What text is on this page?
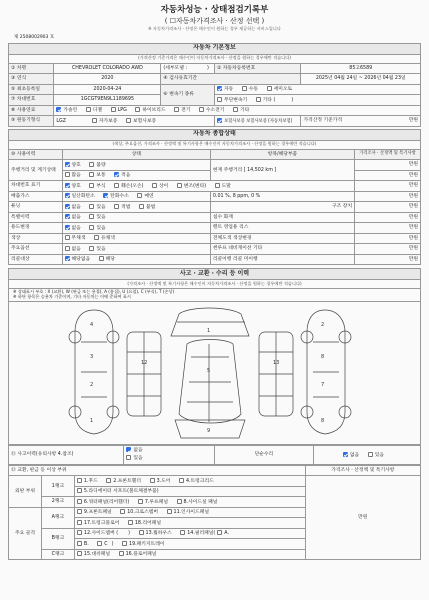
자동차성능 · 상태점검기록부
( ☐자동차가격조사 · 산정 선택 )
※ 자동차가격조사 · 산정은 매수인이 원하는 경우 제공하는 서비스입니다
제 2508002903 호
자동차 기본정보				
(가격산정 기준가격은 매수인이 자동차가격조사 · 산정을 원하는 경우에만 적습니다)				
① 차명	CHEVROLET COLORADO AWD	(세부모델 : )	② 자동차등록번호	85고6589
③ 연식	2020	④ 검사유효기간		2025년 04월 24일 ~ 2026년 04월 23일
⑤ 최초등록일	2020-04-24	⑥ 변속기 종류	자동 수동 세미오토	
⑦ 차대번호	1GCGT9EN9L1189695		무단변속기 기타 ( )	
⑧ 사용연료	가솔린 디젤 LPG 하이브리드 전기 수소전기 기타			
⑨ 원동기형식	LGZ 자가보증 보험사보증		보험사보증 보험사보증 [자동차보험]	가격산정 기준가격 만원
자동차 종합상태			
(색상, 주요옵션, 가격조사 · 산정액 및 특기사항은 매수인이 자동차가격조사 · 산정을 원하는 경우에만 적습니다)			
⑩ 사용이력	상태	항목/해당부품	가격조사 · 산정액 및 특기사항
주행거리 및 계기상태	양호 불량	현재 주행거리 [ 14,502 km ]	만원
	많음 보통 적음		만원
차대번호 표기	양호 부식 훼손(오손) 상이 변조(변타) 도말		만원
배출가스	일산화탄소 탄화수소 매연	0.01 %, 8 ppm, 0 %	만원
튜닝	없음 있음 적법 불법	구조 장치	만원
특별이력	없음 있음	침수 화재	만원
용도변경	없음 있음	렌트 영업용 리스	만원
색상	무채색 유채색	전체도색 색상변경	만원
주요옵션	없음 있음	썬루프 네비게이션 기타	만원
리콜대상	해당없음 해당	리콜이행 리콜 미이행	만원
사고 · 교환 · 수리 등 이력
(가격조사 · 산정액 및 특기사항은 매수인이 자동차가격조사 · 산정을 원하는 경우에만 적습니다)

※ 상태표시 부호 : X (교환), W (판금 또는 용접), A (흠집), U (요철), C (부식), T (손상)
※ 하단 항목은 승용차 기준이며, 기타 자동차는 이에 준하여 표시

4
3
2
1
2
8
7
8
1
5
12	13
9
⑪ 사고이력(유의사항 4.참조)	
없음
있음
	단순수리	없음	있음
⑫ 교환, 판금 등 이상 부위			가격조사 · 산정액 및 특기사항
외판 부위	1랭크	1.후드 2.프론트휀더 3.도어 4.트렁크리드	만원
		5.라디에이터 서포트(볼트체결부품)	
	2랭크	6.쿼터패널(리어휀더) 7.루프패널 8.사이드실 패널	
주요 골격	A랭크	9.프론트패널 10.크로스멤버 11.인사이드패널	
		17.트렁크플로어 18.리어패널	
	B랭크	12.사이드멤버 ( ) 13.휠하우스 14.필러패널( A.	
		B. C ) 19.패키지트레이	
	C랭크	15.대쉬패널 16.플로어패널	
